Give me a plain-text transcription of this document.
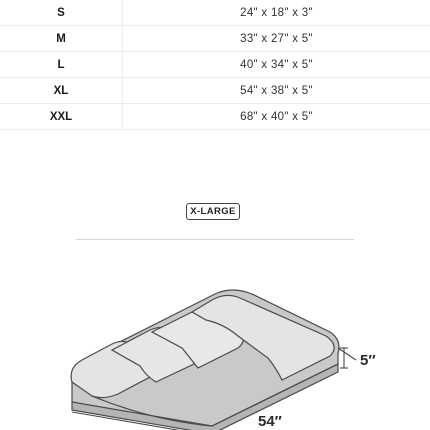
S	24" x 18" x 3"
M	33" x 27" x 5"
L	40" x 34" x 5"
XL	54" x 38" x 5"
XXL	68" x 40" x 5"
X-LARGE
5″
54″
